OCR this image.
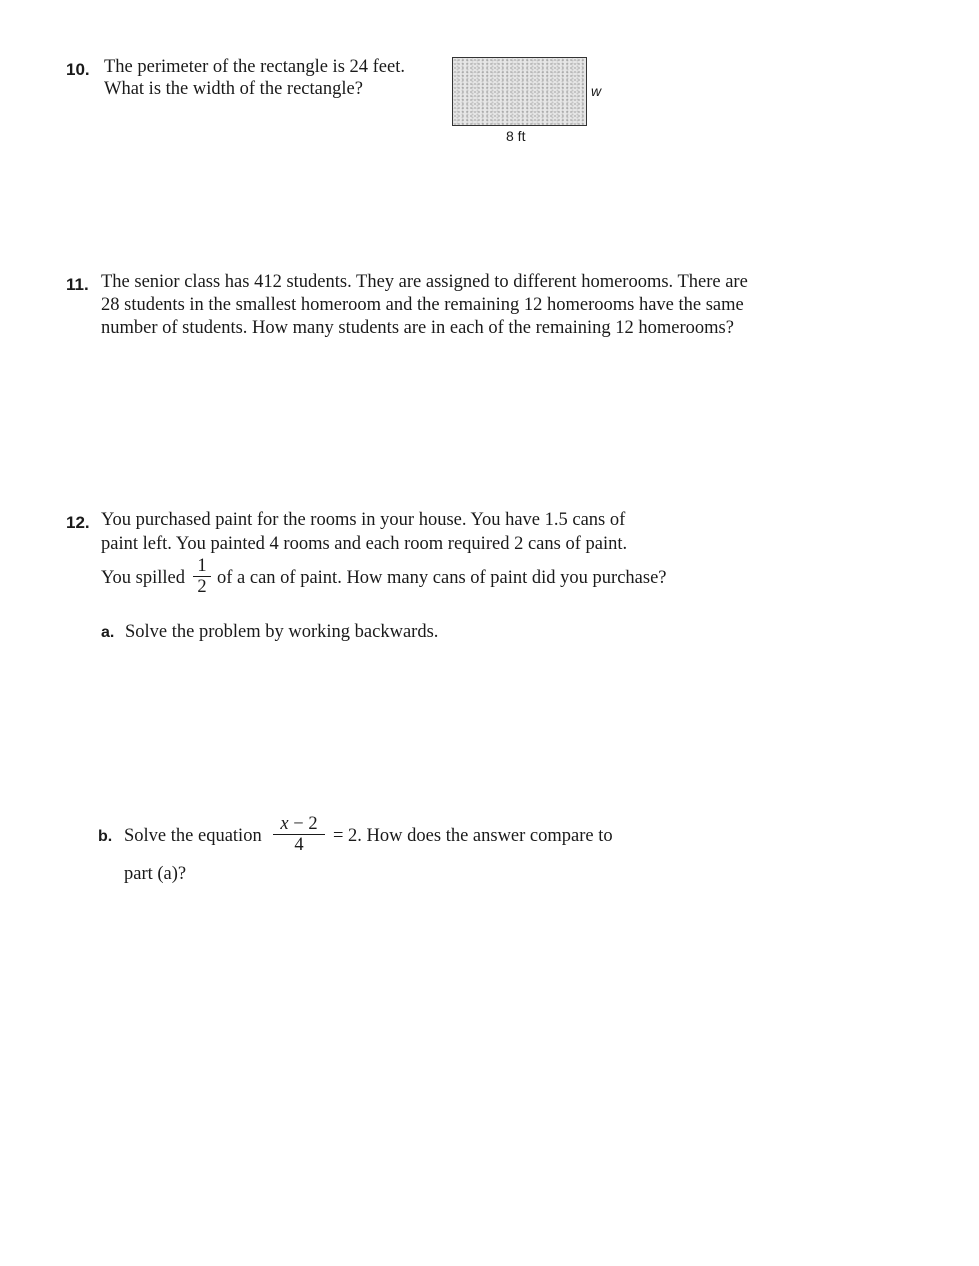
10. The perimeter of the rectangle is 24 feet.
What is the width of the rectangle?	w
8 ft
11. The senior class has 412 students. They are assigned to different homerooms. There are
28 students in the smallest homeroom and the remaining 12 homerooms have the same
number of students. How many students are in each of the remaining 12 homerooms?
12. You purchased paint for the rooms in your house. You have 1.5 cans of
paint left. You painted 4 rooms and each room required 2 cans of paint.
You spilled
1
2 of a can of paint. How many cans of paint did you purchase?
a. Solve the problem by working backwards.
b. Solve the equation
x − 2
4	= 2. How does the answer compare to
part (a)?
